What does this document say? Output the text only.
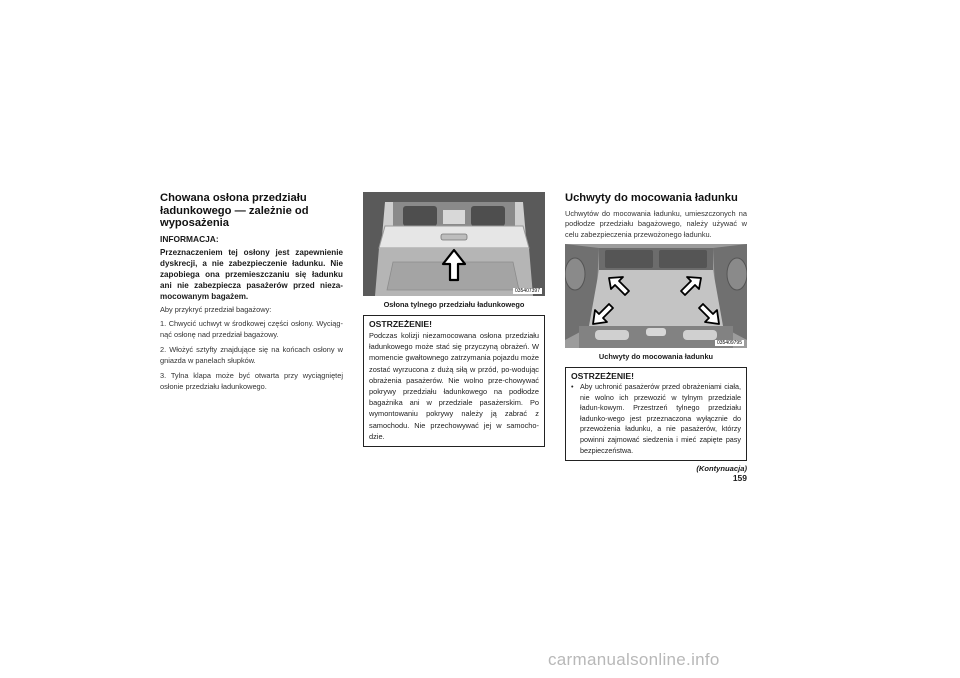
Chowana osłona przedziału ładunkowego — zależnie od wyposażenia
INFORMACJA:
Przeznaczeniem tej osłony jest zapewnienie dyskrecji, a nie zabezpieczenie ładunku. Nie zapobiega ona przemieszczaniu się ładunku ani nie zabezpiecza pasażerów przed nieza-mocowanym bagażem.

Aby przykryć przedział bagażowy:

1. Chwycić uchwyt w środkowej części osłony. Wyciąg-nąć osłonę nad przedział bagażowy.
2. Włożyć sztyfty znajdujące się na końcach osłony w gniazda w panelach słupków.
3. Tylna klapa może być otwarta przy wyciągniętej osłonie przedziału ładunkowego.
035407397
Osłona tylnego przedziału ładunkowego
OSTRZEŻENIE!

Podczas kolizji niezamocowana osłona przedziału ładunkowego może stać się przyczyną obrażeń. W momencie gwałtownego zatrzymania pojazdu może zostać wyrzucona z dużą siłą w przód, po-wodując obrażenia pasażerów. Nie wolno prze-chowywać pokrywy przedziału ładunkowego na podłodze bagażnika ani w przedziale pasażerskim. Po wymontowaniu pokrywy należy ją zabrać z samochodu. Nie przechowywać jej w samocho-dzie.

Uchwyty do mocowania ładunku

Uchwytów do mocowania ładunku, umieszczonych na podłodze przedziału bagażowego, należy używać w celu zabezpieczenia przewożonego ładunku.

035409795
Uchwyty do mocowania ładunku
OSTRZEŻENIE!
• Aby uchronić pasażerów przed obrażeniami ciała, nie wolno ich przewozić w tylnym przedziale ładun-kowym. Przestrzeń tylnego przedziału ładunko-wego jest przeznaczona wyłącznie do przewożenia ładunku, a nie pasażerów, którzy powinni zajmować siedzenia i mieć zapięte pasy bezpieczeństwa.
(Kontynuacja)
159
carmanualsonline.info
